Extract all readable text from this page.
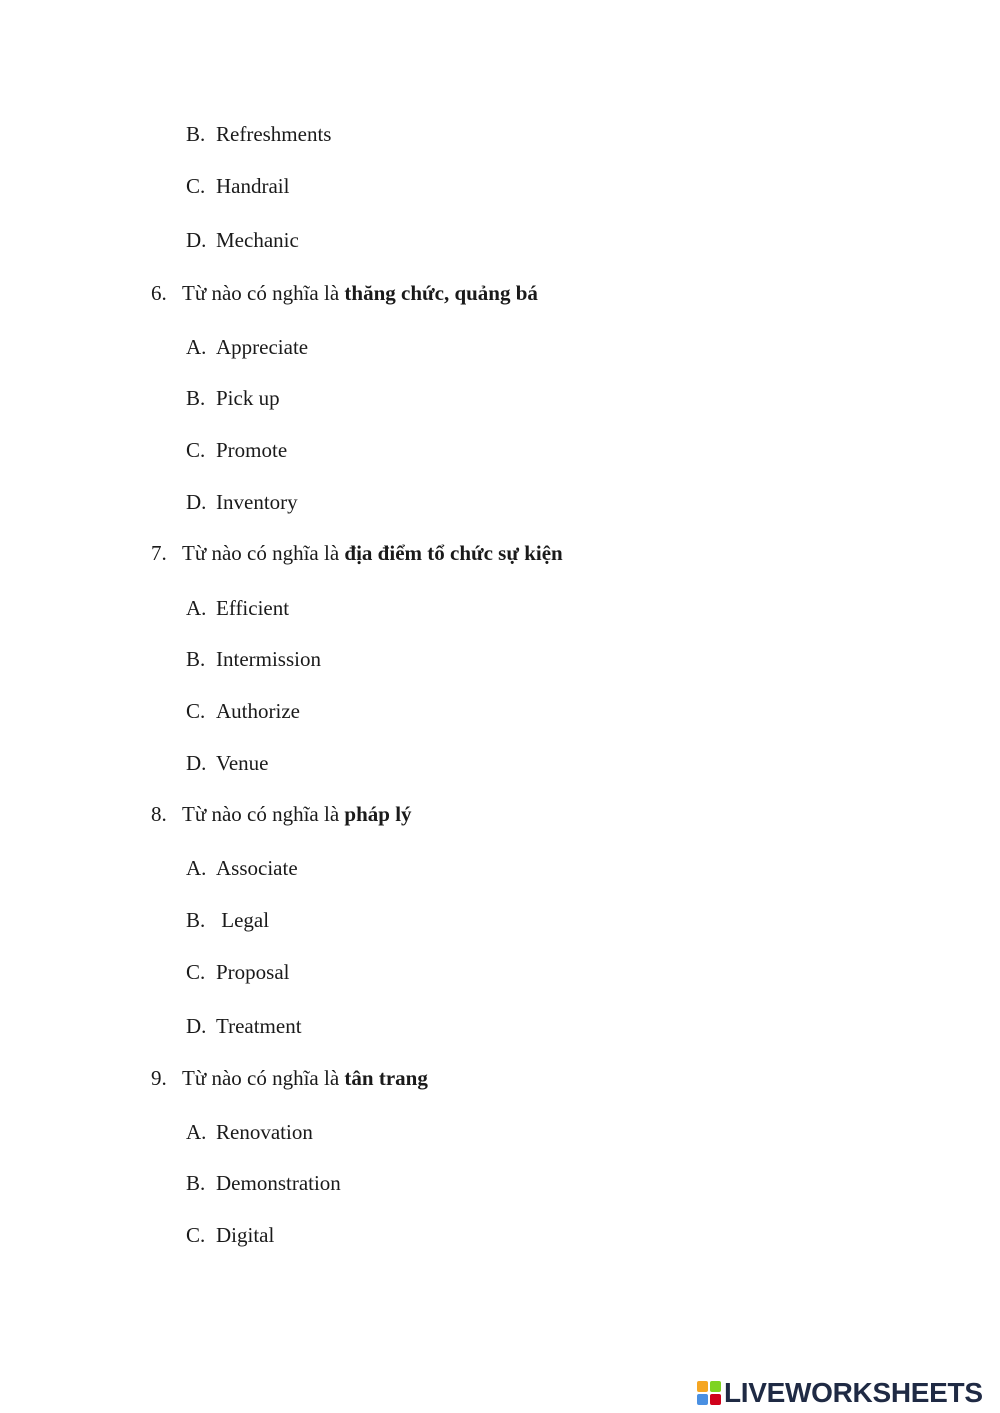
B. Refreshments
C. Handrail
D. Mechanic
6. Từ nào có nghĩa là thăng chức, quảng bá
A. Appreciate
B. Pick up
C. Promote
D. Inventory
7. Từ nào có nghĩa là địa điểm tổ chức sự kiện
A. Efficient
B. Intermission
C. Authorize
D. Venue
8. Từ nào có nghĩa là pháp lý
A. Associate
B. Legal
C. Proposal
D. Treatment
9. Từ nào có nghĩa là tân trang
A. Renovation
B. Demonstration
C. Digital
LIVEWORKSHEETS
